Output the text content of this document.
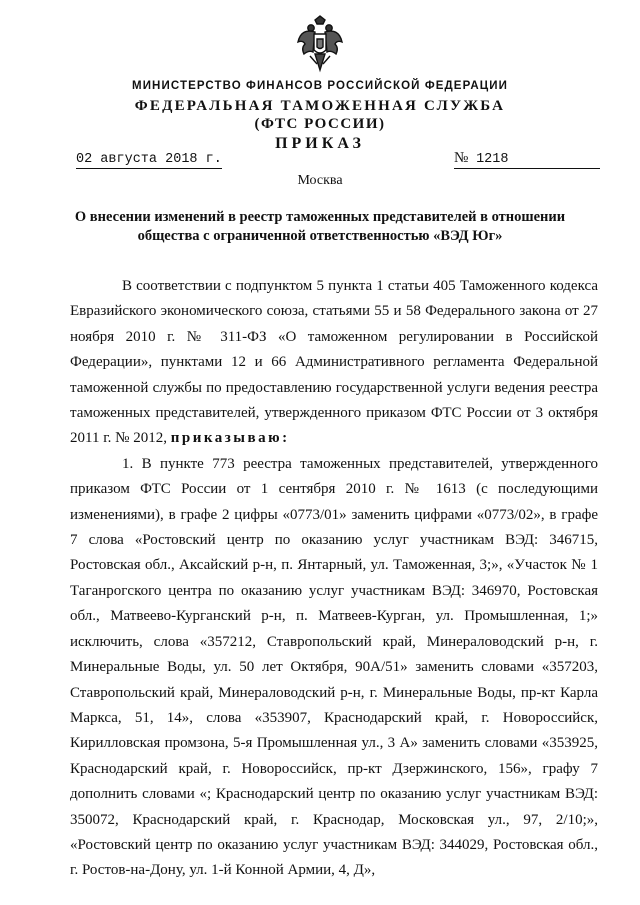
МИНИСТЕРСТВО ФИНАНСОВ РОССИЙСКОЙ ФЕДЕРАЦИИ
ФЕДЕРАЛЬНАЯ ТАМОЖЕННАЯ СЛУЖБА
(ФТС РОССИИ)
ПРИКАЗ
02 августа 2018 г.	№ 1218
Москва
О внесении изменений в реестр таможенных представителей в отношении общества с ограниченной ответственностью «ВЭД Юг»

В соответствии с подпунктом 5 пункта 1 статьи 405 Таможенного кодекса Евразийского экономического союза, статьями 55 и 58 Федерального закона от 27 ноября 2010 г. № 311-ФЗ «О таможенном регулировании в Российской Федерации», пунктами 12 и 66 Административного регламента Федеральной таможенной службы по предоставлению государственной услуги ведения реестра таможенных представителей, утвержденного приказом ФТС России от 3 октября 2011 г. № 2012, приказываю:

1. В пункте 773 реестра таможенных представителей, утвержденного приказом ФТС России от 1 сентября 2010 г. № 1613 (с последующими изменениями), в графе 2 цифры «0773/01» заменить цифрами «0773/02», в графе 7 слова «Ростовский центр по оказанию услуг участникам ВЭД: 346715, Ростовская обл., Аксайский р-н, п. Янтарный, ул. Таможенная, 3;», «Участок № 1 Таганрогского центра по оказанию услуг участникам ВЭД: 346970, Ростовская обл., Матвеево-Курганский р-н, п. Матвеев-Курган, ул. Промышленная, 1;» исключить, слова «357212, Ставропольский край, Минераловодский р-н, г. Минеральные Воды, ул. 50 лет Октября, 90А/51» заменить словами «357203, Ставропольский край, Минераловодский р-н, г. Минеральные Воды, пр-кт Карла Маркса, 51, 14», слова «353907, Краснодарский край, г. Новороссийск, Кирилловская промзона, 5-я Промышленная ул., 3 А» заменить словами «353925, Краснодарский край, г. Новороссийск, пр-кт Дзержинского, 156», графу 7 дополнить словами «; Краснодарский центр по оказанию услуг участникам ВЭД: 350072, Краснодарский край, г. Краснодар, Московская ул., 97, 2/10;», «Ростовский центр по оказанию услуг участникам ВЭД: 344029, Ростовская обл., г. Ростов-на-Дону, ул. 1-й Конной Армии, 4, Д»,
